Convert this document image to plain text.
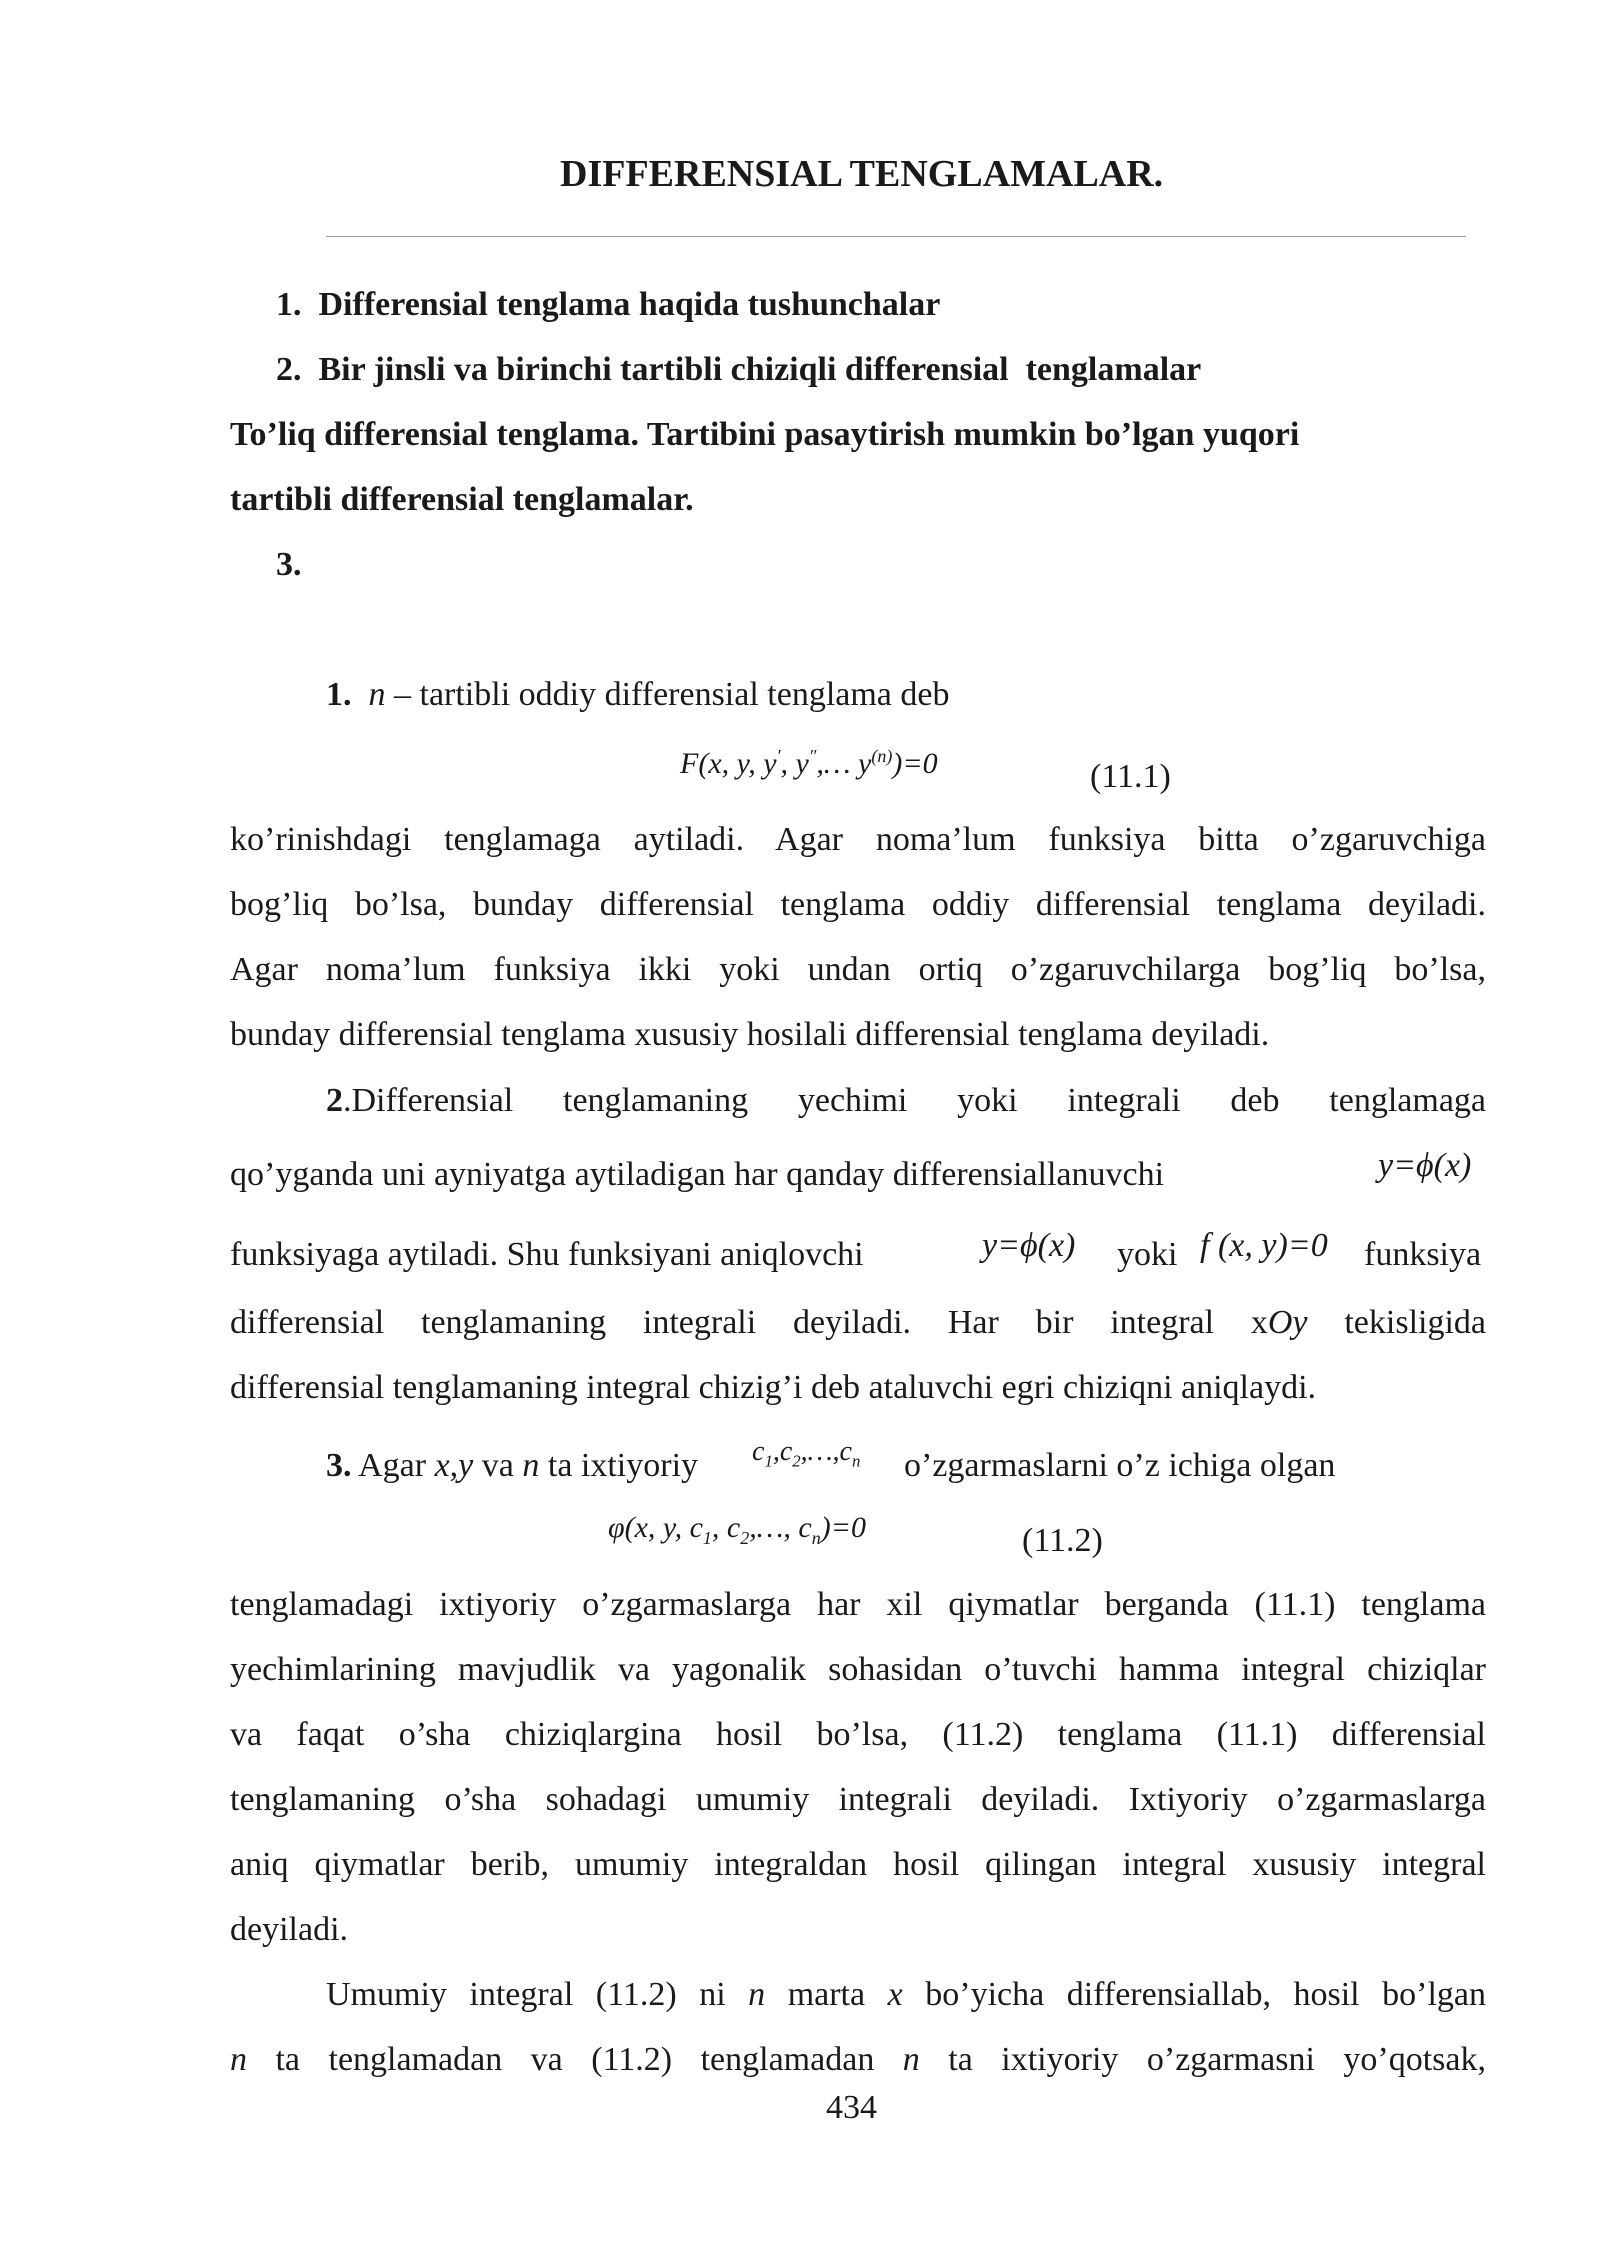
DIFFERENSIAL TENGLAMALAR.
1. Differensial tenglama haqida tushunchalar
2. Bir jinsli va birinchi tartibli chiziqli differensial  tenglamalar
To’liq differensial tenglama. Tartibini pasaytirish mumkin bo’lgan yuqori
tartibli differensial tenglamalar.
3.
1. n – tartibli oddiy differensial tenglama deb
F(x, y, y′, y″,… $y^{(n)})=0$	(11.1)
ko’rinishdagi tenglamaga aytiladi. Agar noma’lum funksiya bitta o’zgaruvchiga
bog’liq bo’lsa, bunday differensial tenglama oddiy differensial tenglama deyiladi.
Agar noma’lum funksiya ikki yoki undan ortiq o’zgaruvchilarga bog’liq bo’lsa,
bunday differensial tenglama xususiy hosilali differensial tenglama deyiladi.
2.Differensial tenglamaning yechimi yoki integrali deb tenglamaga
qo’yganda uni ayniyatga aytiladigan har qanday differensiallanuvchi	y=ϕ(x)
funksiyaga aytiladi. Shu funksiyani aniqlovchi	y=ϕ(x) yoki f (x, y)=0 funksiya
differensial tenglamaning integrali deyiladi. Har bir integral xOy tekisligida
differensial tenglamaning integral chizig’i deb ataluvchi egri chiziqni aniqlaydi.
3. Agar x,y va n ta ixtiyoriy $c_1,c_2,\dots,c_n$ o’zgarmaslarni o’z ichiga olgan
φ(x, y, $c_1$, $c_2,\dots$, $c_n)=0$	(11.2)
tenglamadagi ixtiyoriy o’zgarmaslarga har xil qiymatlar berganda (11.1) tenglama
yechimlarining mavjudlik va yagonalik sohasidan o’tuvchi hamma integral chiziqlar
va faqat o’sha chiziqlargina hosil bo’lsa, (11.2) tenglama (11.1) differensial
tenglamaning o’sha sohadagi umumiy integrali deyiladi. Ixtiyoriy o’zgarmaslarga
aniq qiymatlar berib, umumiy integraldan hosil qilingan integral xususiy integral
deyiladi.
Umumiy integral (11.2) ni n marta x bo’yicha differensiallab, hosil bo’lgan
n ta tenglamadan va (11.2) tenglamadan n ta ixtiyoriy o’zgarmasni yo’qotsak,
434
